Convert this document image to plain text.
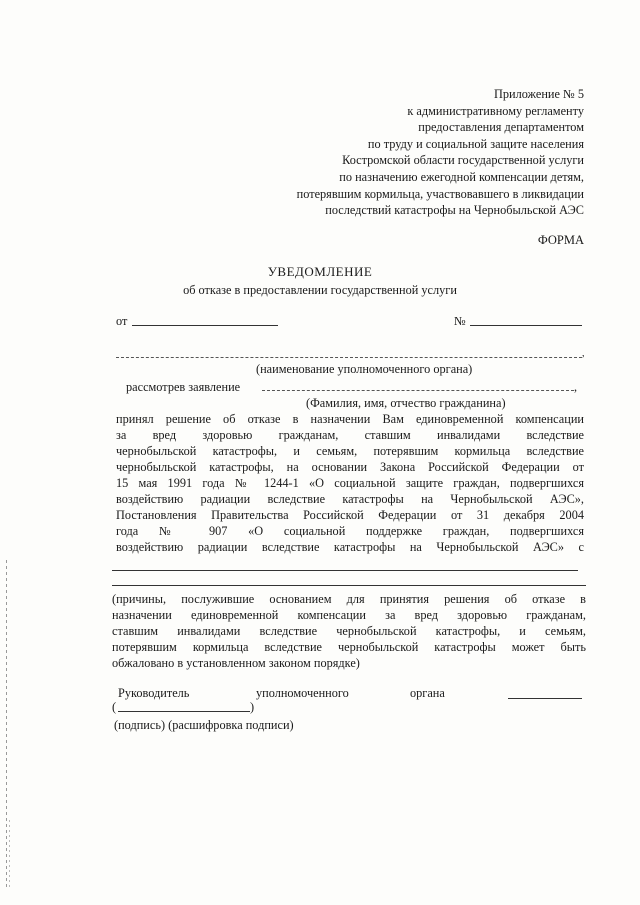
Приложение № 5
к административному регламенту
предоставления департаментом
по труду и социальной защите населения
Костромской области государственной услуги
по назначению ежегодной компенсации детям,
потерявшим кормильца, участвовавшего в ликвидации
последствий катастрофы на Чернобыльской АЭС
ФОРМА
УВЕДОМЛЕНИЕ
об отказе в предоставлении государственной услуги
от	№
,
(наименование уполномоченного органа)
рассмотрев заявление	,
(Фамилия, имя, отчество гражданина)
принял решение об отказе в назначении Вам единовременной компенсации
за вред здоровью гражданам, ставшим инвалидами вследствие
чернобыльской катастрофы, и семьям, потерявшим кормильца вследствие
чернобыльской катастрофы, на основании Закона Российской Федерации от
15 мая 1991 года № 1244-1 «О социальной защите граждан, подвергшихся
воздействию радиации вследствие катастрофы на Чернобыльской АЭС»,
Постановления Правительства Российской Федерации от 31 декабря 2004
года № 907 «О социальной поддержке граждан, подвергшихся
воздействию радиации вследствие катастрофы на Чернобыльской АЭС» с
(причины, послужившие основанием для принятия решения об отказе в
назначении единовременной компенсации за вред здоровью гражданам,
ставшим инвалидами вследствие чернобыльской катастрофы, и семьям,
потерявшим кормильца вследствие чернобыльской катастрофы может быть
обжаловано в установленном законом порядке)
Руководитель	уполномоченного	органа
(	)
(подпись) (расшифровка подписи)
